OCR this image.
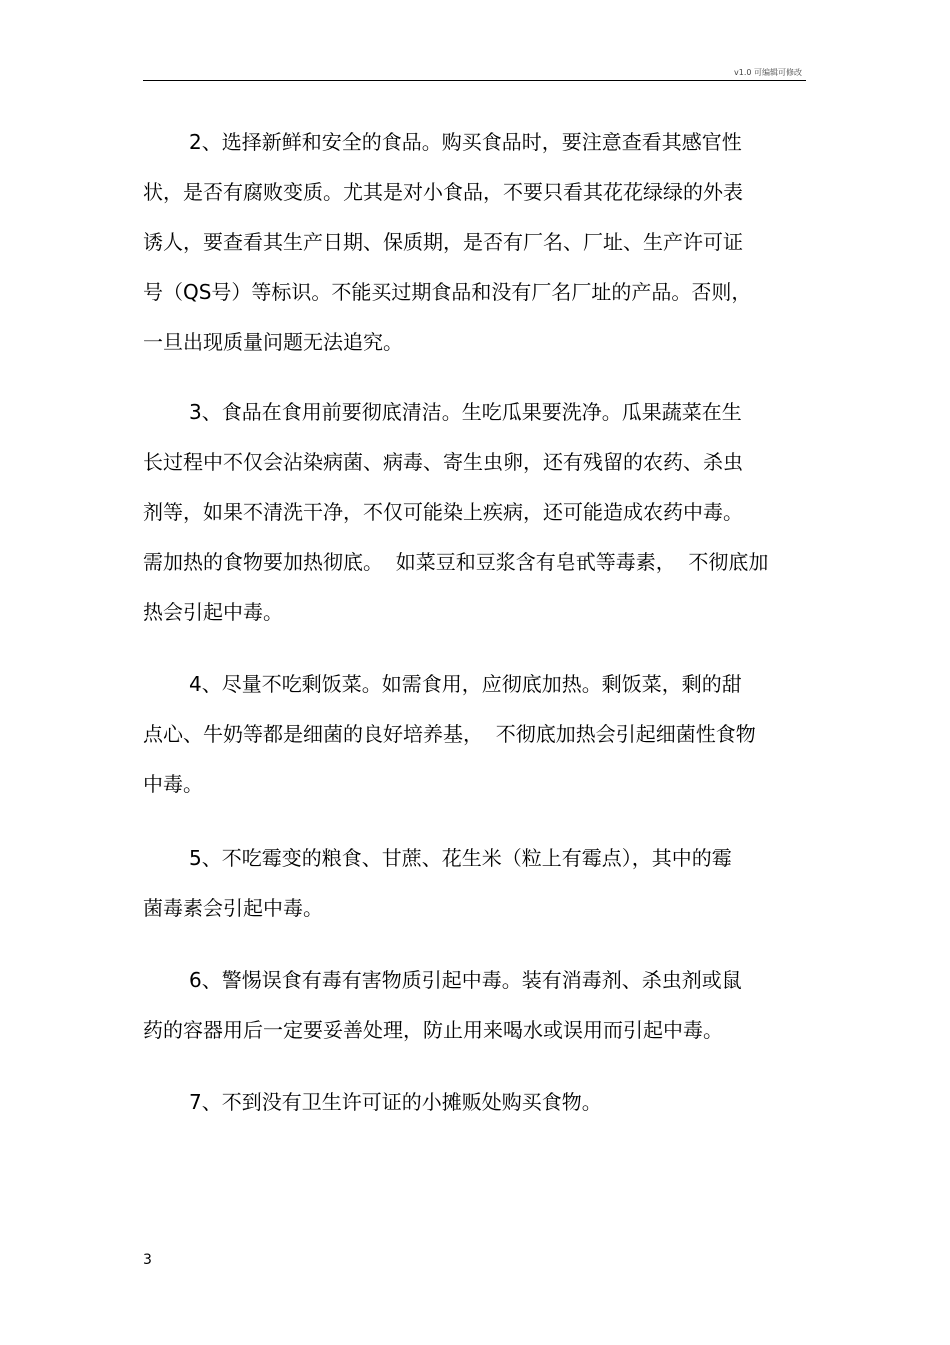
v1.0 可编辑可修改
2、选择新鲜和安全的食品。购买食品时，要注意查看其感官性
状，是否有腐败变质。尤其是对小食品，不要只看其花花绿绿的外表
诱人，要查看其生产日期、保质期，是否有厂名、厂址、生产许可证
号（QS号）等标识。不能买过期食品和没有厂名厂址的产品。否则，
一旦出现质量问题无法追究。
3、食品在食用前要彻底清洁。生吃瓜果要洗净。瓜果蔬菜在生
长过程中不仅会沾染病菌、病毒、寄生虫卵，还有残留的农药、杀虫
剂等，如果不清洗干净，不仅可能染上疾病，还可能造成农药中毒。
需加热的食物要加热彻底。  如菜豆和豆浆含有皂甙等毒素，  不彻底加
热会引起中毒。
4、尽量不吃剩饭菜。如需食用，应彻底加热。剩饭菜，剩的甜
点心、牛奶等都是细菌的良好培养基，  不彻底加热会引起细菌性食物
中毒。
5、不吃霉变的粮食、甘蔗、花生米（粒上有霉点），其中的霉
菌毒素会引起中毒。
6、警惕误食有毒有害物质引起中毒。装有消毒剂、杀虫剂或鼠
药的容器用后一定要妥善处理，防止用来喝水或误用而引起中毒。
7、不到没有卫生许可证的小摊贩处购买食物。
3
